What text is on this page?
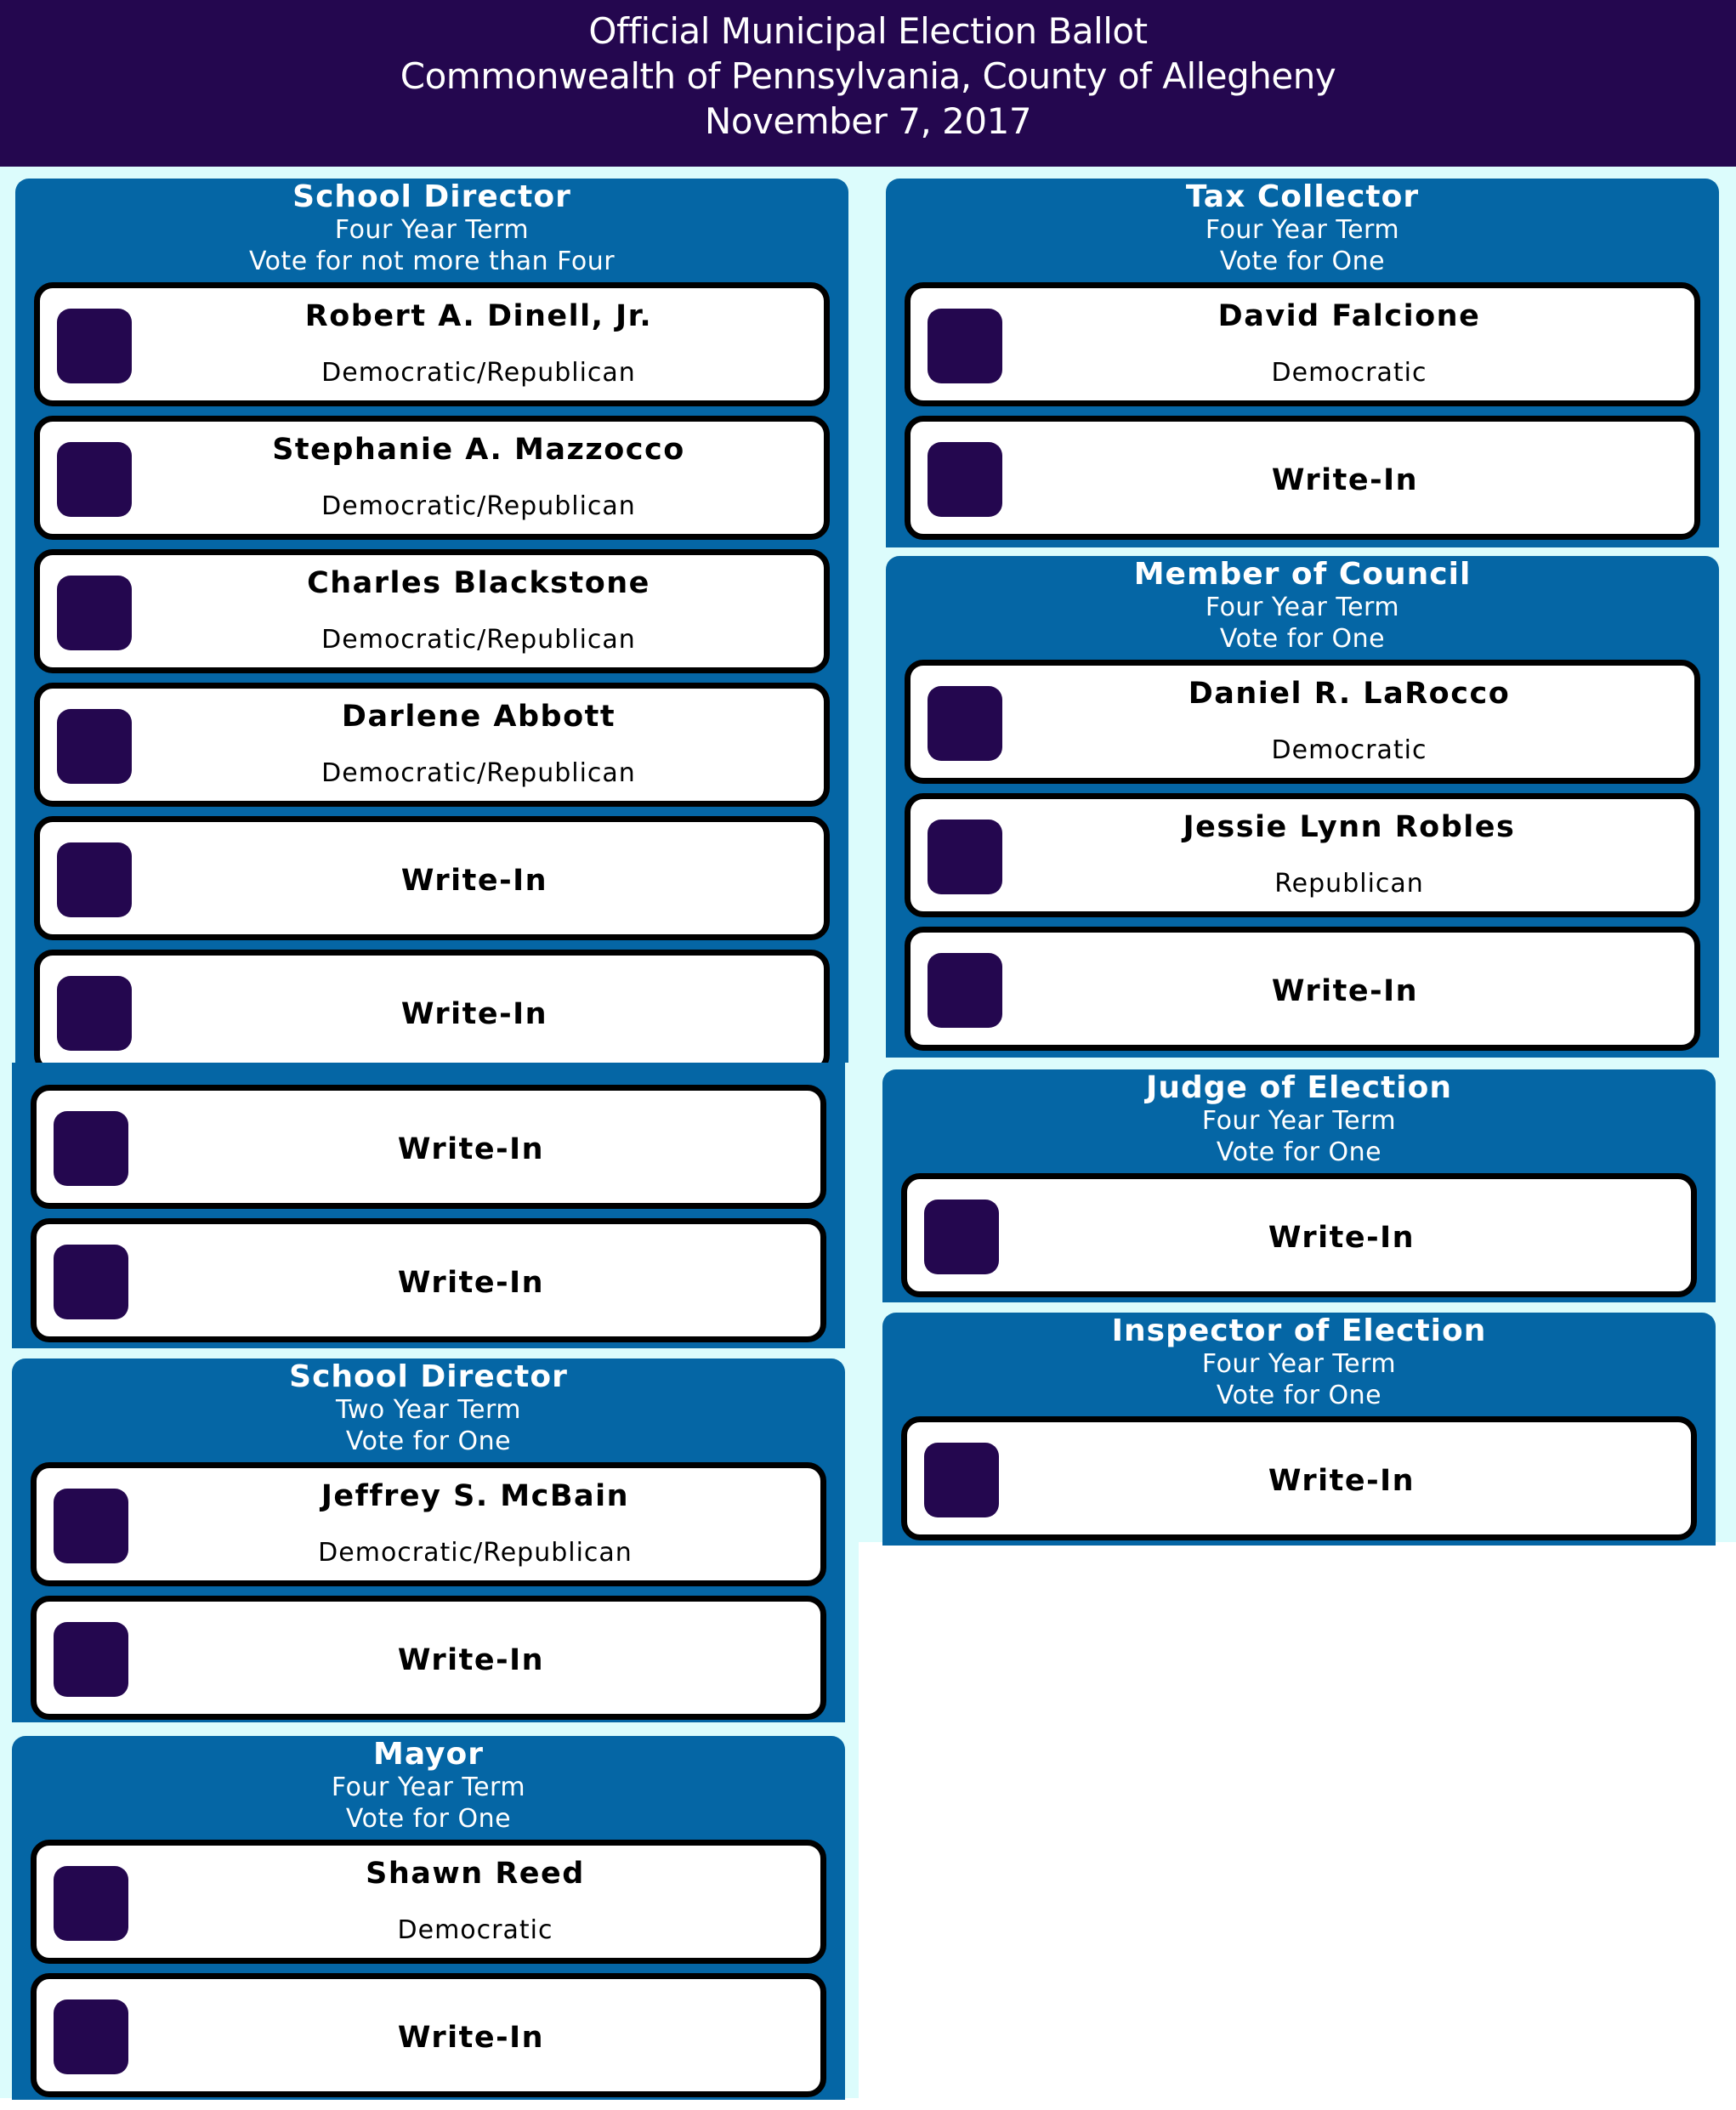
Official Municipal Election Ballot
Commonwealth of Pennsylvania, County of Allegheny
November 7, 2017
School Director
Four Year Term
Vote for not more than Four
Robert A. Dinell, Jr.
Democratic/Republican
Stephanie A. Mazzocco
Democratic/Republican
Charles Blackstone
Democratic/Republican
Darlene Abbott
Democratic/Republican
Write-In
Write-In
Write-In
Write-In
School Director
Two Year Term
Vote for One
Jeffrey S. McBain
Democratic/Republican
Write-In
Mayor
Four Year Term
Vote for One
Shawn Reed
Democratic
Write-In
Tax Collector
Four Year Term
Vote for One
David Falcione
Democratic
Write-In
Member of Council
Four Year Term
Vote for One
Daniel R. LaRocco
Democratic
Jessie Lynn Robles
Republican
Write-In
Judge of Election
Four Year Term
Vote for One
Write-In
Inspector of Election
Four Year Term
Vote for One
Write-In
